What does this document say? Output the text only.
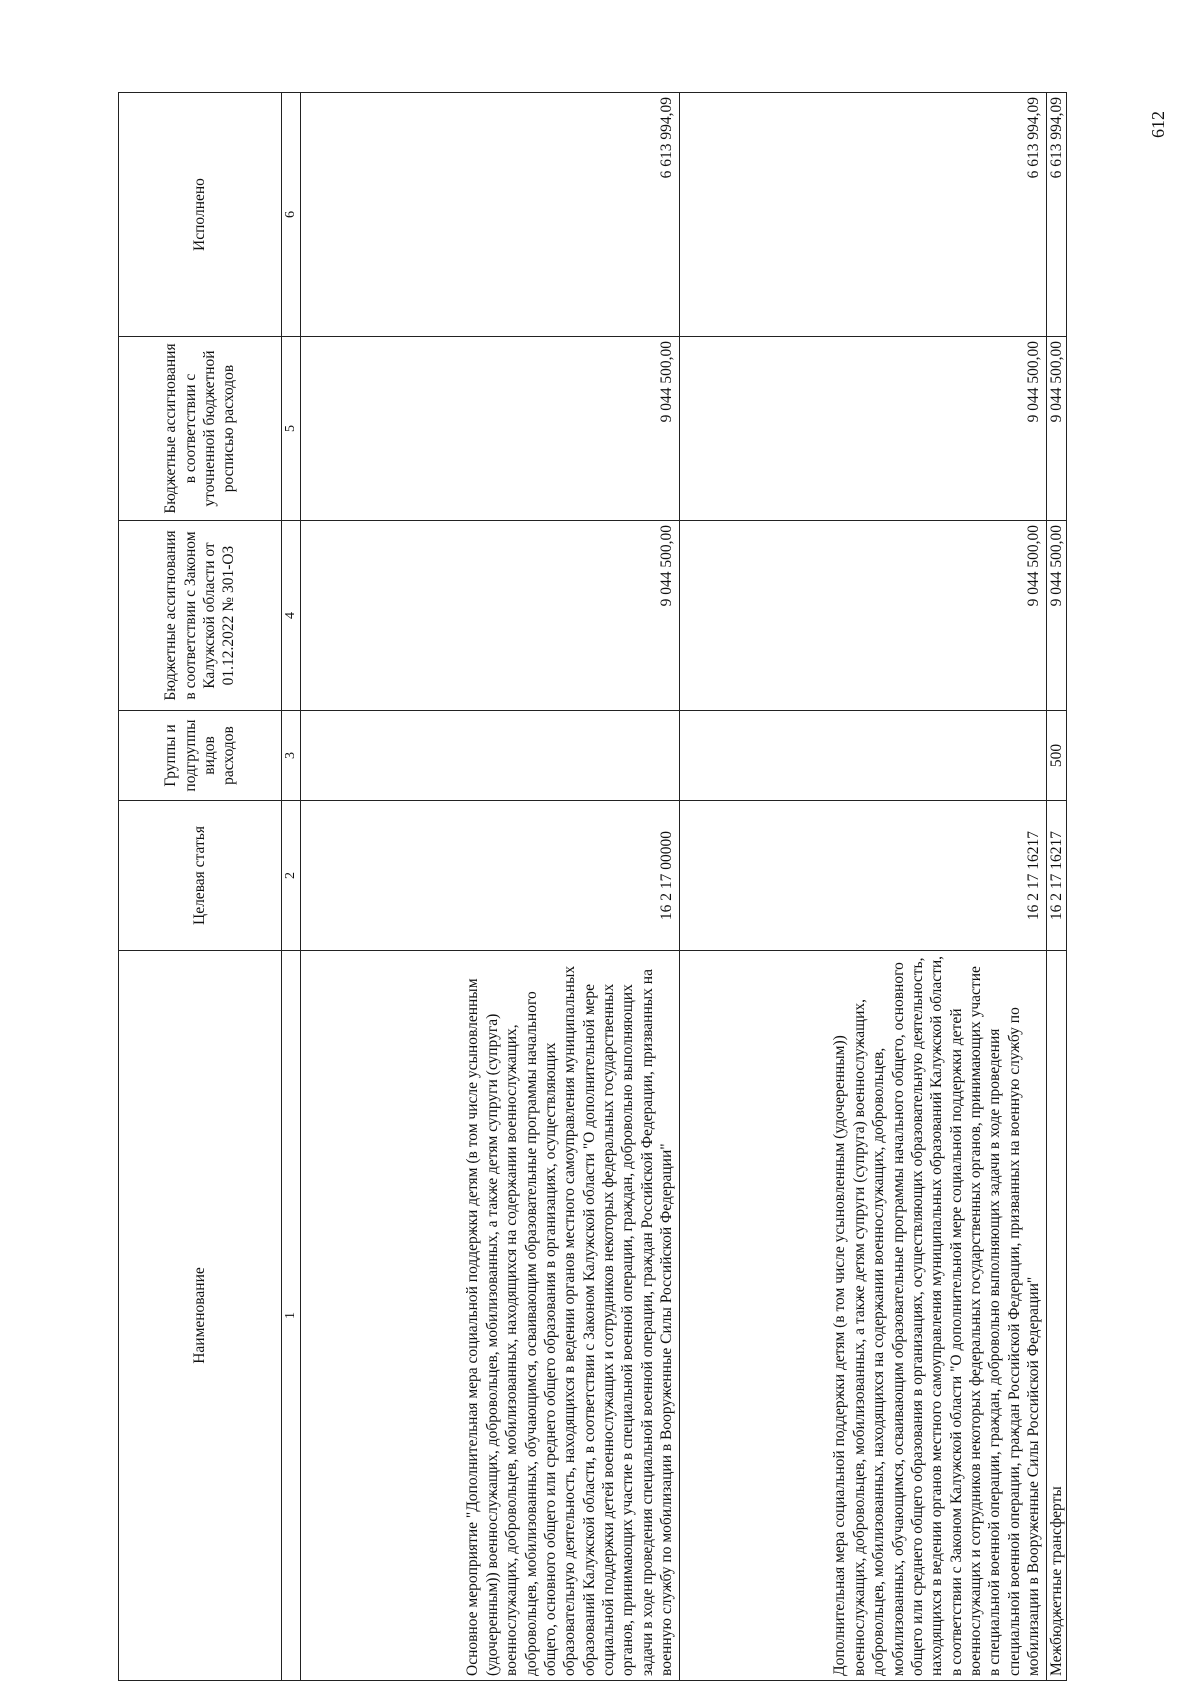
612
Наименование	Целевая статья	Группы и подгруппы видов расходов	Бюджетные ассигнования в соответствии с Законом Калужской области от 01.12.2022 № 301-ОЗ	Бюджетные ассигнования в соответствии с уточненной бюджетной росписью расходов	Исполнено
1	2	3	4	5	6
Основное мероприятие "Дополнительная мера социальной поддержки детям (в том числе усыновленным (удочеренным)) военнослужащих, добровольцев, мобилизованных, а также детям супруги (супруга) военнослужащих, добровольцев, мобилизованных, находящихся на содержании военнослужащих, добровольцев, мобилизованных, обучающимся, осваивающим образовательные программы начального общего, основного общего или среднего общего образования в организациях, осуществляющих образовательную деятельность, находящихся в ведении органов местного самоуправления муниципальных образований Калужской области, в соответствии с Законом Калужской области "О дополнительной мере социальной поддержки детей военнослужащих и сотрудников некоторых федеральных государственных органов, принимающих участие в специальной военной операции, граждан, добровольно выполняющих задачи в ходе проведения специальной военной операции, граждан Российской Федерации, призванных на военную службу по мобилизации в Вооруженные Силы Российской Федерации"	16 2 17 00000		9 044 500,00	9 044 500,00	6 613 994,09
Дополнительная мера социальной поддержки детям (в том числе усыновленным (удочеренным)) военнослужащих, добровольцев, мобилизованных, а также детям супруги (супруга) военнослужащих, добровольцев, мобилизованных, находящихся на содержании военнослужащих, добровольцев, мобилизованных, обучающимся, осваивающим образовательные программы начального общего, основного общего или среднего общего образования в организациях, осуществляющих образовательную деятельность, находящихся в ведении органов местного самоуправления муниципальных образований Калужской области, в соответствии с Законом Калужской области "О дополнительной мере социальной поддержки детей военнослужащих и сотрудников некоторых федеральных государственных органов, принимающих участие в специальной военной операции, граждан, добровольно выполняющих задачи в ходе проведения специальной военной операции, граждан Российской Федерации, призванных на военную службу по мобилизации в Вооруженные Силы Российской Федерации"	16 2 17 16217		9 044 500,00	9 044 500,00	6 613 994,09
Межбюджетные трансферты	16 2 17 16217	500	9 044 500,00	9 044 500,00	6 613 994,09
